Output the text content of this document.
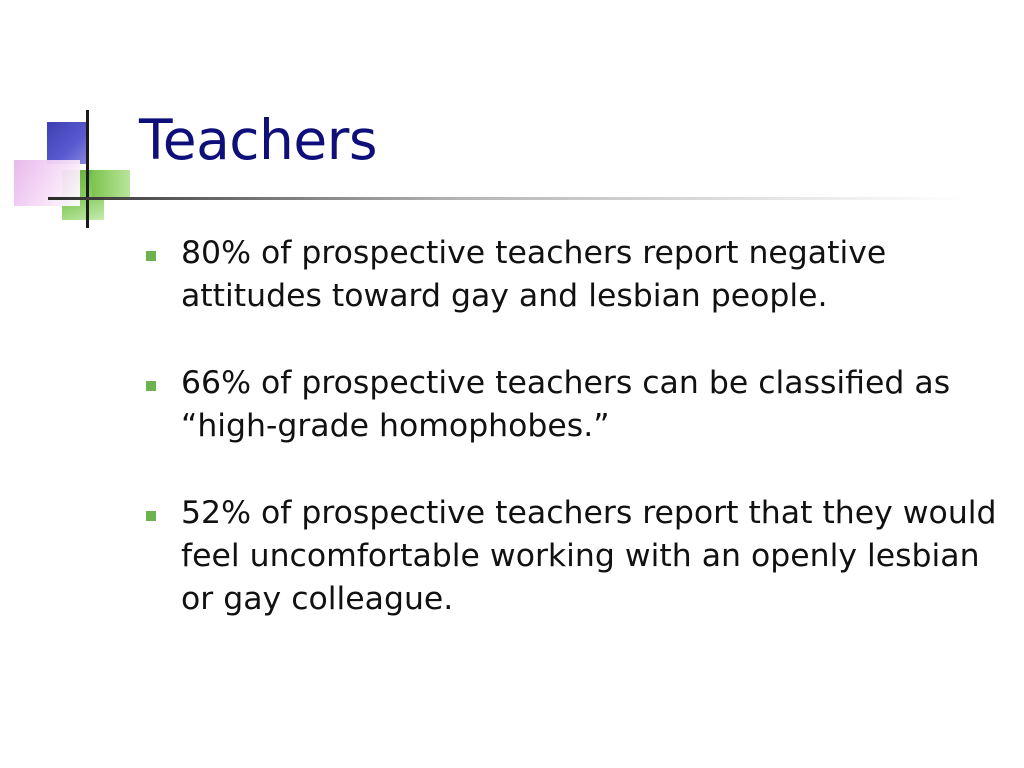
Teachers
80% of prospective teachers report negative attitudes toward gay and lesbian people.
66% of prospective teachers can be classified as “high-grade homophobes.”
52% of prospective teachers report that they would feel uncomfortable working with an openly lesbian or gay colleague.
